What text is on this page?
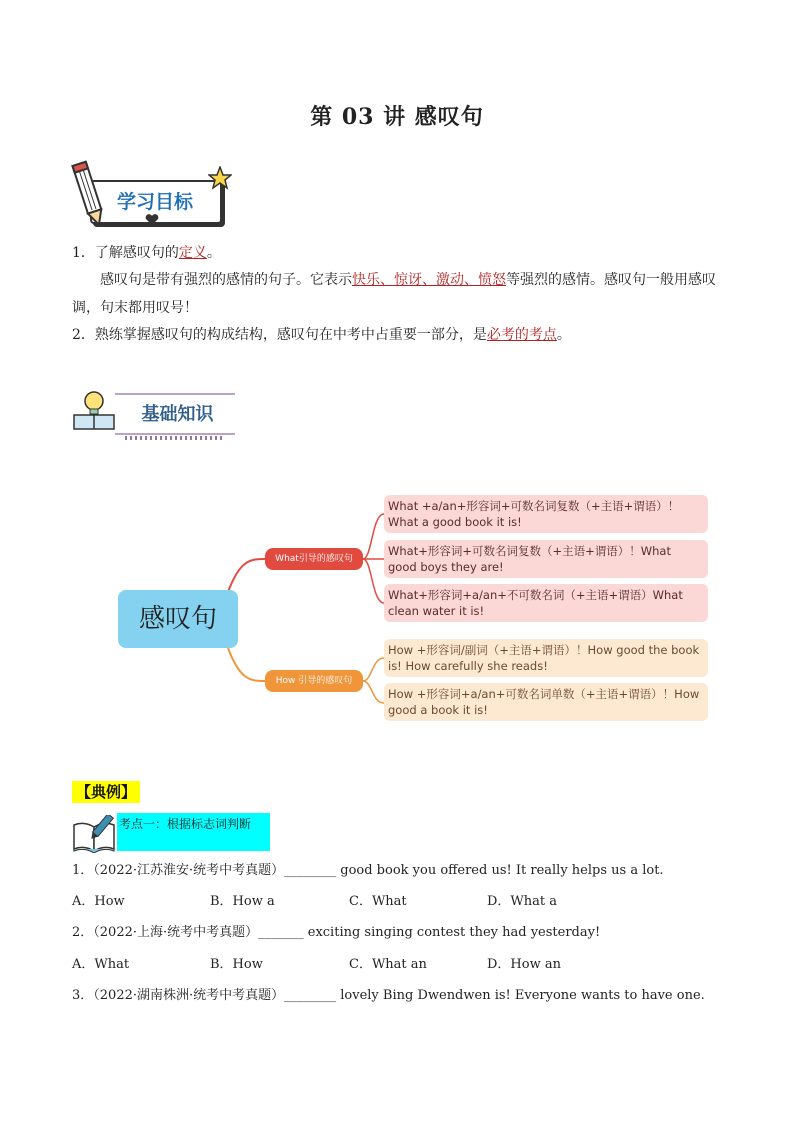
第 03 讲 感叹句
学习目标
1．了解感叹句的定义。
感叹句是带有强烈的感情的句子。它表示快乐、惊讶、激动、愤怒等强烈的感情。感叹句一般用感叹
调，句末都用叹号！
2．熟练掌握感叹句的构成结构，感叹句在中考中占重要一部分，是必考的考点。
基础知识
感叹句
What引导的感叹句
How 引导的感叹句
What +a/an+形容词+可数名词复数（+主语+谓语）！What a good book it is!
What+形容词+可数名词复数（+主语+谓语）！What good boys they are!
What+形容词+a/an+不可数名词（+主语+谓语）What clean water it is!
How +形容词/副词（+主语+谓语）！How good the book is! How carefully she reads!
How +形容词+a/an+可数名词单数（+主语+谓语）！How good a book it is!
【典例】
考点一：根据标志词判断
1．（2022·江苏淮安·统考中考真题）________ good book you offered us! It really helps us a lot.
A．How	B．How a	C．What	D．What a
2．（2022·上海·统考中考真题）_______ exciting singing contest they had yesterday!
A．What	B．How	C．What an	D．How an
3．（2022·湖南株洲·统考中考真题）________ lovely Bing Dwendwen is! Everyone wants to have one.
